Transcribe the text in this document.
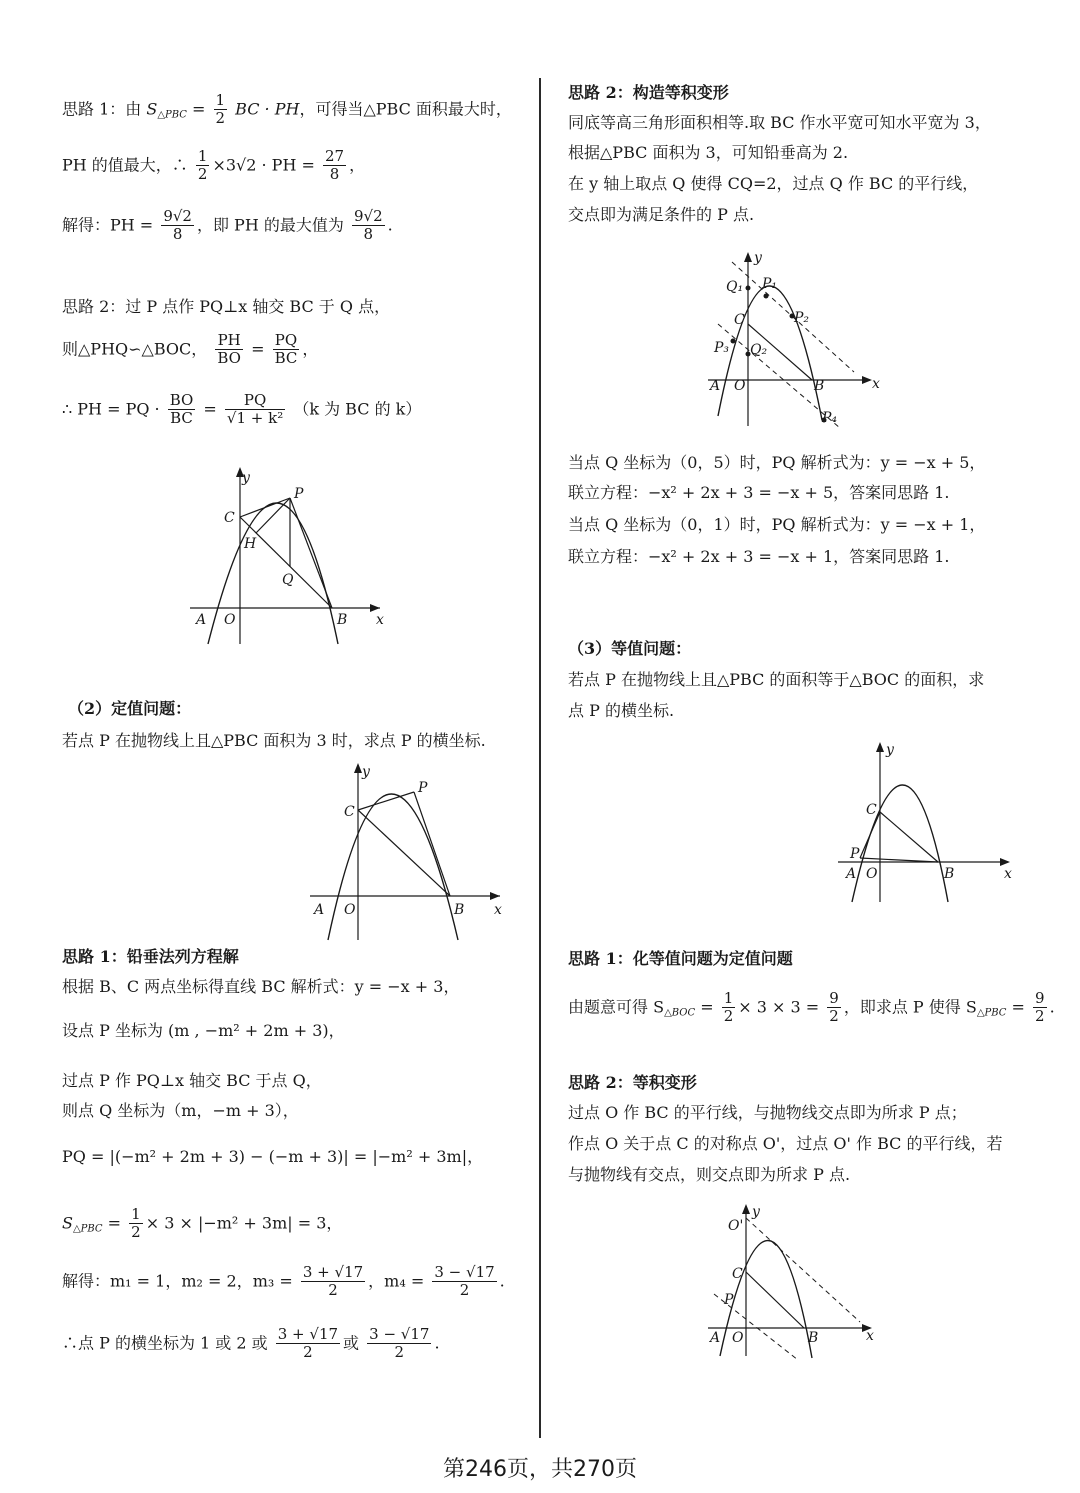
思路 1：由 $S_{\triangle PBC} = \frac{1}{2}$ BC · PH，可得当△PBC 面积最大时，
PH 的值最大，∴ $\frac{1}{2} \times 3√2$ · PH = $\frac{27}{8}$ ，
解得：PH = $\frac{9√2}{8}$ ，即 PH 的最大值为 $\frac{9√2}{8}$ .
思路 2：过 P 点作 PQ⊥x 轴交 BC 于 Q 点，
则△PHQ∽△BOC， $\frac{PH}{BO} = \frac{PQ}{BC}$ ，
∴ PH = PQ · $\frac{BO}{BC} = \frac{PQ}{\text{√1 + k²}} (k$ 为 BC 的 k）
y
A O	B x
C
P
H
Q
（2）定值问题：
若点 P 在抛物线上且△PBC 面积为 3 时，求点 P 的横坐标.
y
A O	B x
C
P
思路 1：铅垂法列方程解
根据 B、C 两点坐标得直线 BC 解析式：y = −x + 3，
设点 P 坐标为 (m , −m² + 2m + 3)，
过点 P 作 PQ⊥x 轴交 BC 于点 Q，
则点 Q 坐标为（m，−m + 3），
PQ = |(−m² + 2m + 3) − (−m + 3)| = |−m² + 3m|，
$S_{\triangle PBC} = \frac{1}{2} \times 3 \times |-m^2 + 3m| = 3$，
解得：m₁ = 1，m₂ = 2，$m_3 = \frac{3 + √17}{2}$ ，$m_4 = \frac{3 - √17}{2}$ .
∴点 P 的横坐标为 1 或 2 或 $\frac{3 + √17}{2}$ 或 $\frac{3 - √17}{2}$ .
思路 2：构造等积变形
同底等高三角形面积相等.取 BC 作水平宽可知水平宽为 3，
根据△PBC 面积为 3，可知铅垂高为 2.
在 y 轴上取点 Q 使得 CQ=2，过点 Q 作 BC 的平行线，
交点即为满足条件的 P 点.
y
A O	B	x
C
Q₁ P₁
P₂
P₃ Q₂
P₄
当点 Q 坐标为（0，5）时，PQ 解析式为：y = −x + 5，
联立方程：−x² + 2x + 3 = −x + 5，答案同思路 1.
当点 Q 坐标为（0，1）时，PQ 解析式为：y = −x + 1，
联立方程：−x² + 2x + 3 = −x + 1，答案同思路 1.
（3）等值问题：
若点 P 在抛物线上且△PBC 的面积等于△BOC 的面积，求
点 P 的横坐标.
y
A O	B	x
C
P
思路 1：化等值问题为定值问题
由题意可得 $S_{\triangle BOC} = \frac{1}{2} \times 3 \times 3 = \frac{9}{2}$ ，即求点 P 使得 $S_{\triangle PBC} = \frac{9}{2}$ .
思路 2：等积变形
过点 O 作 BC 的平行线，与抛物线交点即为所求 P 点；
作点 O 关于点 C 的对称点 O'，过点 O' 作 BC 的平行线，若
与抛物线有交点，则交点即为所求 P 点.
y
O'
A O	B	x
C
P
第246页，共270页
